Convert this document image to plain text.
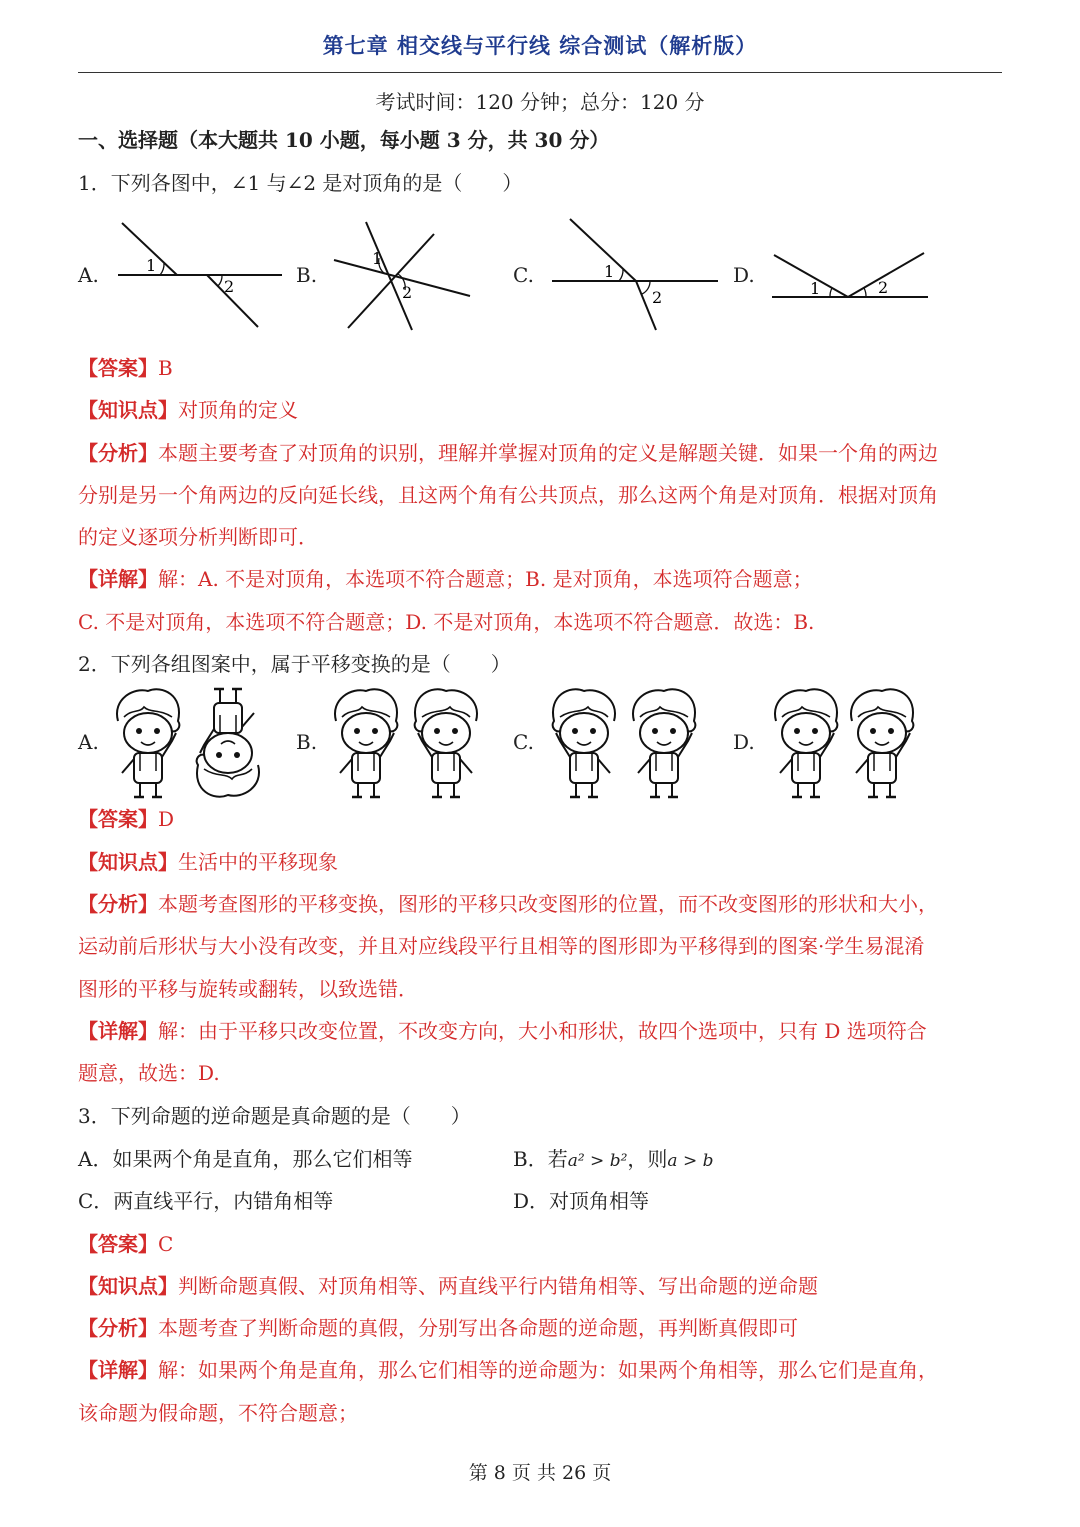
第七章 相交线与平行线 综合测试（解析版）
考试时间：120 分钟；总分：120 分
一、选择题（本大题共 10 小题，每小题 3 分，共 30 分）
1．下列各图中，∠1 与∠2 是对顶角的是（　　）
A.	1
2	B.
1
2
C.	1
2
D.
1	2
【答案】B
【知识点】对顶角的定义
【分析】本题主要考查了对顶角的识别，理解并掌握对顶角的定义是解题关键．如果一个角的两边
分别是另一个角两边的反向延长线，且这两个角有公共顶点，那么这两个角是对顶角．根据对顶角
的定义逐项分析判断即可．
【详解】解：A. 不是对顶角，本选项不符合题意；B. 是对顶角，本选项符合题意；
C. 不是对顶角，本选项不符合题意；D. 不是对顶角，本选项不符合题意．故选：B.
2．下列各组图案中，属于平移变换的是（　　）
A.	B.	C.	D.
【答案】D
【知识点】生活中的平移现象
【分析】本题考查图形的平移变换，图形的平移只改变图形的位置，而不改变图形的形状和大小，
运动前后形状与大小没有改变，并且对应线段平行且相等的图形即为平移得到的图案·学生易混淆
图形的平移与旋转或翻转，以致选错．
【详解】解：由于平移只改变位置，不改变方向，大小和形状，故四个选项中，只有 D 选项符合
题意，故选：D.
3．下列命题的逆命题是真命题的是（　　）
A．如果两个角是直角，那么它们相等	B．若a² > b²，则a > b
C．两直线平行，内错角相等	D．对顶角相等
【答案】C
【知识点】判断命题真假、对顶角相等、两直线平行内错角相等、写出命题的逆命题
【分析】本题考查了判断命题的真假，分别写出各命题的逆命题，再判断真假即可
【详解】解：如果两个角是直角，那么它们相等的逆命题为：如果两个角相等，那么它们是直角，
该命题为假命题，不符合题意；
第 8 页 共 26 页
